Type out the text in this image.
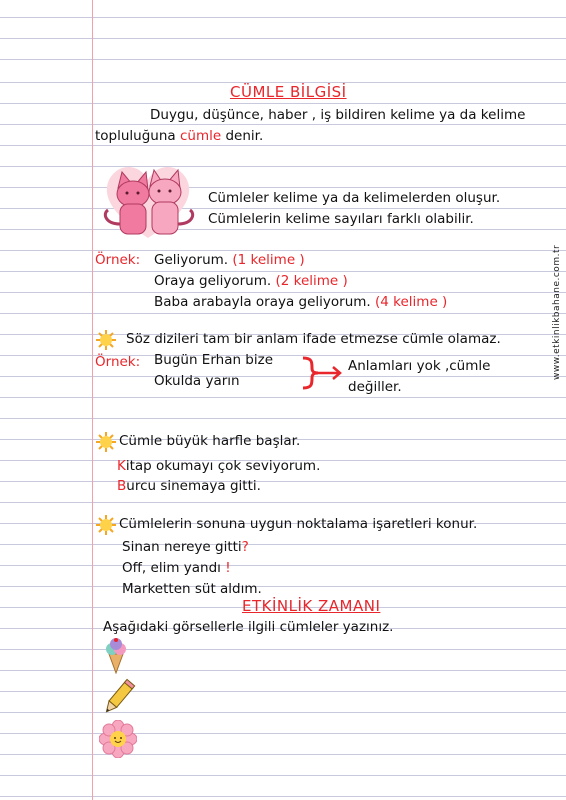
CÜMLE BİLGİSİ
Duygu, düşünce, haber , iş bildiren kelime ya da kelime
topluluğuna cümle denir.
Cümleler kelime ya da kelimelerden oluşur.
Cümlelerin kelime sayıları farklı olabilir.
Örnek: Geliyorum. (1 kelime )
Oraya geliyorum. (2 kelime )
Baba arabayla oraya geliyorum. (4 kelime )
Söz dizileri tam bir anlam ifade etmezse cümle olamaz.
Örnek: Bugün Erhan bize
Okulda yarın
Anlamları yok ,cümle
değiller.
Cümle büyük harfle başlar.
Kitap okumayı çok seviyorum.
Burcu sinemaya gitti.
Cümlelerin sonuna uygun noktalama işaretleri konur.
Sinan nereye gitti?
Off, elim yandı !
Marketten süt aldım.
ETKİNLİK ZAMANI
Aşağıdaki görsellerle ilgili cümleler yazınız.
www.etkinlikbahane.com.tr
